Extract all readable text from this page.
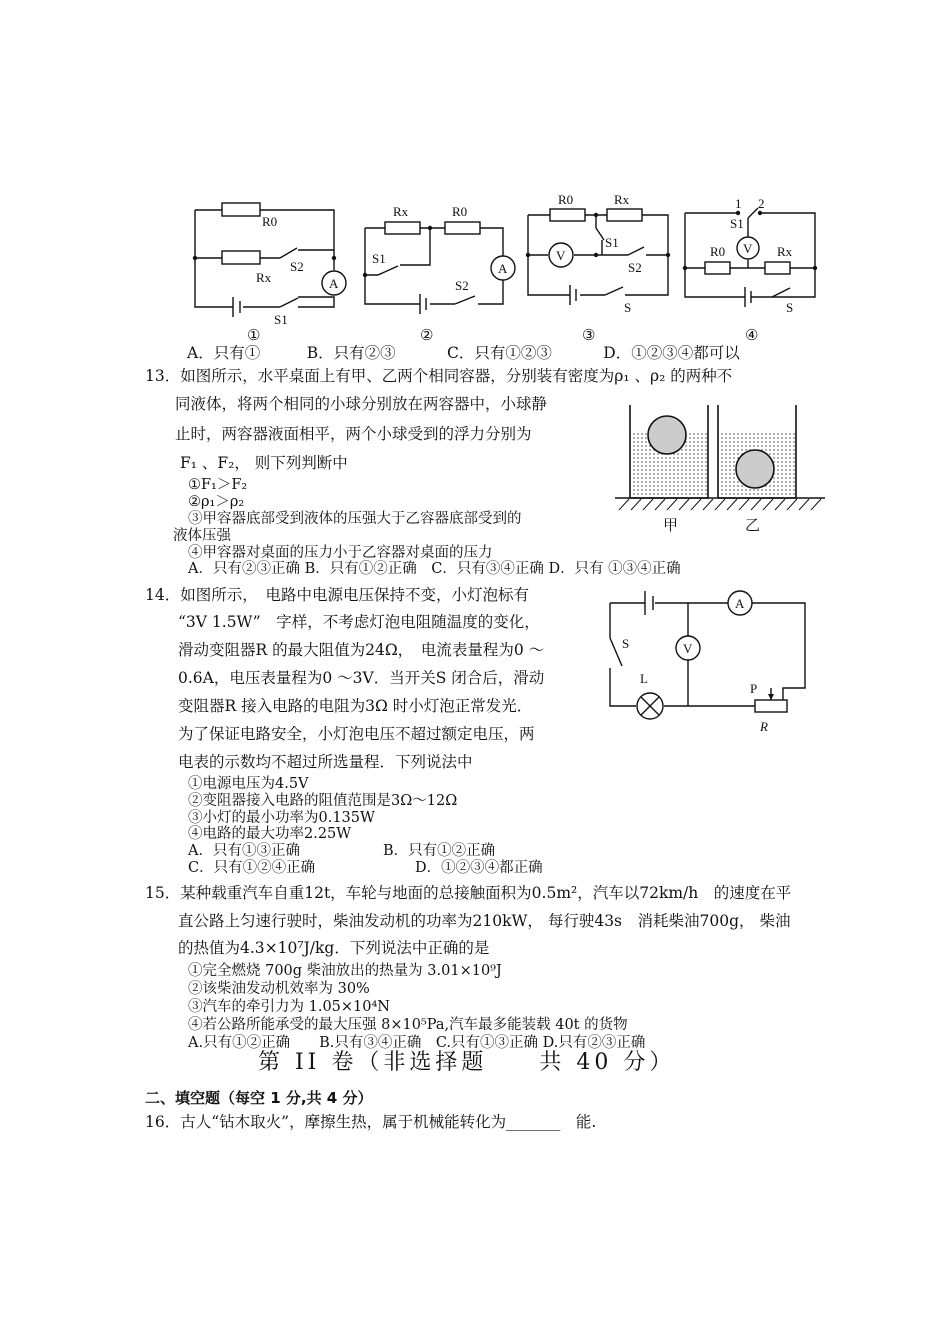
R0
Rx
S2
S1
A
Rx	R0
S1
S2
A
R0	Rx
S1
S2
S
V
1 2
S1
R0	Rx
S
V
①	②	③	④
A．只有①　　　B．只有②③　　　 C．只有①②③　　　 D．①②③④都可以
13．如图所示，水平桌面上有甲、乙两个相同容器，分别装有密度为ρ₁ 、ρ₂ 的两种不
同液体，将两个相同的小球分别放在两容器中，小球静
止时，两容器液面相平，两个小球受到的浮力分别为
F₁ 、F₂， 则下列判断中
①F₁＞F₂
②ρ₁＞ρ₂
③甲容器底部受到液体的压强大于乙容器底部受到的
液体压强
④甲容器对桌面的压力小于乙容器对桌面的压力
A．只有②③正确 B．只有①②正确　C．只有③④正确 D．只有 ①③④正确
甲	乙
14．如图所示，　电路中电源电压保持不变，小灯泡标有
“3V 1.5W”　字样，不考虑灯泡电阻随温度的变化，
滑动变阻器R 的最大阻值为24Ω，　电流表量程为0 ～
0.6A，电压表量程为0 ～3V．当开关S 闭合后，滑动
变阻器R 接入电路的电阻为3Ω 时小灯泡正常发光．
为了保证电路安全，小灯泡电压不超过额定电压，两
电表的示数均不超过所选量程．下列说法中
①电源电压为4.5V
②变阻器接入电路的阻值范围是3Ω～12Ω
③小灯的最小功率为0.135W
④电路的最大功率2.25W
A．只有①③正确	B．只有①②正确
C．只有①②④正确	D．①②③④都正确
A
V
S
L
P
R
15．某种载重汽车自重12t，车轮与地面的总接触面积为0.5m²，汽车以72km/h　的速度在平
直公路上匀速行驶时，柴油发动机的功率为210kW， 每行驶43s　消耗柴油700g， 柴油
的热值为4.3×10⁷J/kg．下列说法中正确的是
①完全燃烧 700g 柴油放出的热量为 3.01×10⁹J
②该柴油发动机效率为 30%
③汽车的牵引力为 1.05×10⁴N
④若公路所能承受的最大压强 8×10⁵Pa,汽车最多能装载 40t 的货物
A.只有①②正确　　B.只有③④正确　C.只有①③正确 D.只有②③正确
第 II 卷（非选择题　　共 40 分）
二、填空题（每空 1 分,共 4 分）
16．古人“钻木取火”，摩擦生热，属于机械能转化为_______　能.
